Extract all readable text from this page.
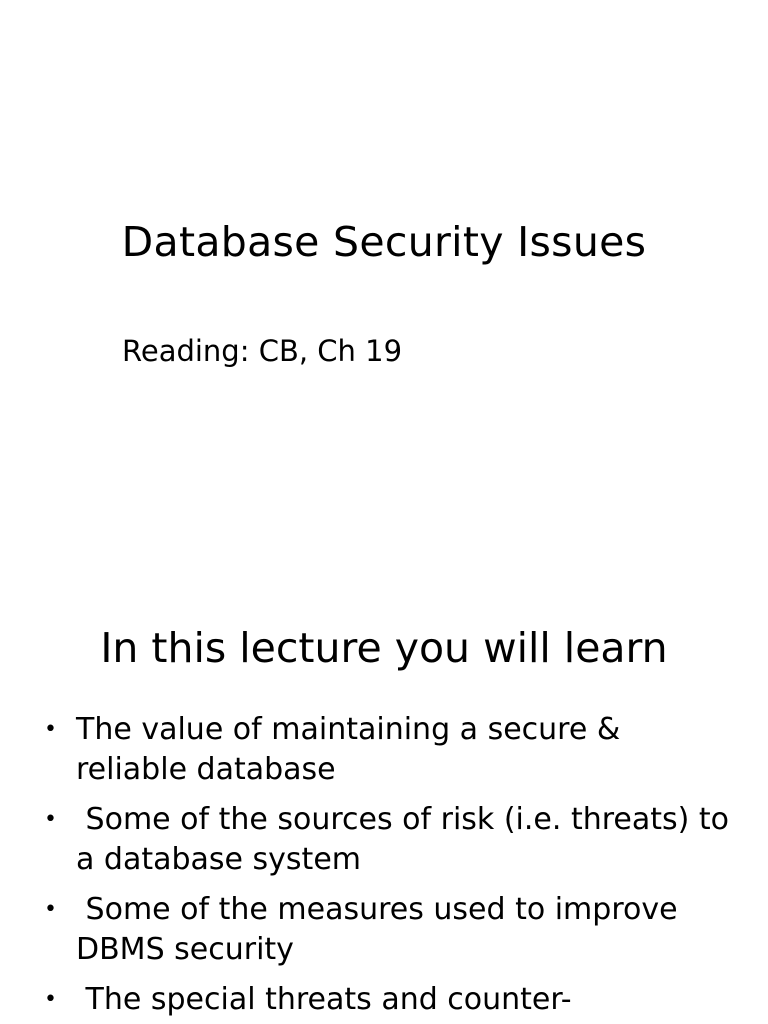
Database Security Issues
Reading: CB, Ch 19
In this lecture you will learn
• The value of maintaining a secure & reliable database
• Some of the sources of risk (i.e. threats) to a database system
• Some of the measures used to improve DBMS security
• The special threats and counter-
